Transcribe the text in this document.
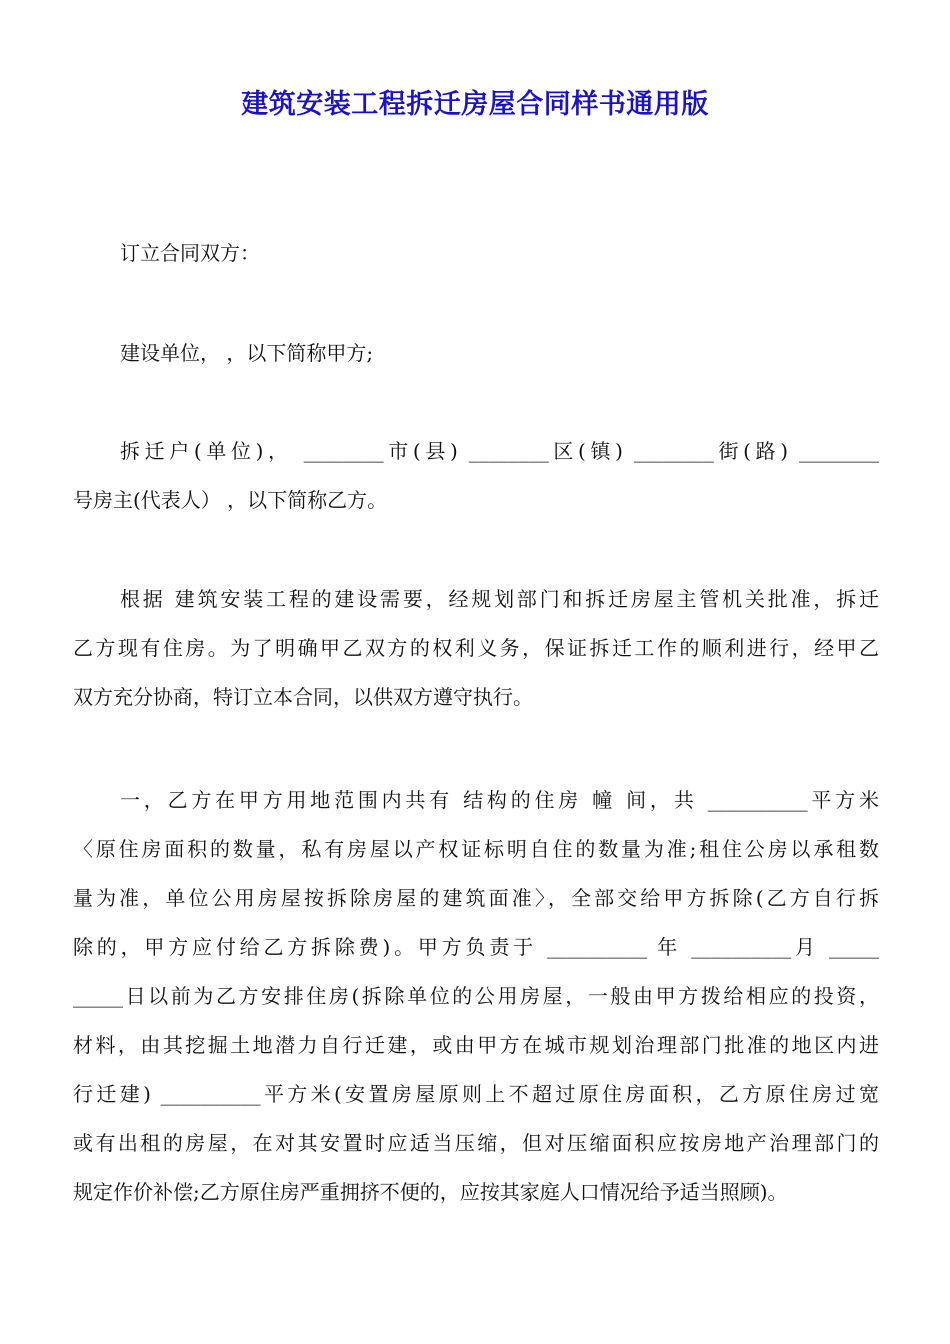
建筑安装工程拆迁房屋合同样书通用版
订立合同双方：
建设单位， ，以下简称甲方;
拆迁户(单位)， ________市(县) ________区(镇) ________街(路) ________
号房主(代表人） ，以下简称乙方。
根据 建筑安装工程的建设需要，经规划部门和拆迁房屋主管机关批准，拆迁
乙方现有住房。为了明确甲乙双方的权利义务，保证拆迁工作的顺利进行，经甲乙
双方充分协商，特订立本合同，以供双方遵守执行。
一，乙方在甲方用地范围内共有 结构的住房 幢 间，共 __________平方米
〈原住房面积的数量，私有房屋以产权证标明自住的数量为准;租住公房以承租数
量为准，单位公用房屋按拆除房屋的建筑面准〉，全部交给甲方拆除(乙方自行拆
除的，甲方应付给乙方拆除费)。甲方负责于 __________ 年 __________月 _____
_____日以前为乙方安排住房(拆除单位的公用房屋，一般由甲方拨给相应的投资，
材料，由其挖掘土地潜力自行迁建，或由甲方在城市规划治理部门批准的地区内进
行迁建) __________平方米(安置房屋原则上不超过原住房面积，乙方原住房过宽
或有出租的房屋，在对其安置时应适当压缩，但对压缩面积应按房地产治理部门的
规定作价补偿;乙方原住房严重拥挤不便的，应按其家庭人口情况给予适当照顾)。
